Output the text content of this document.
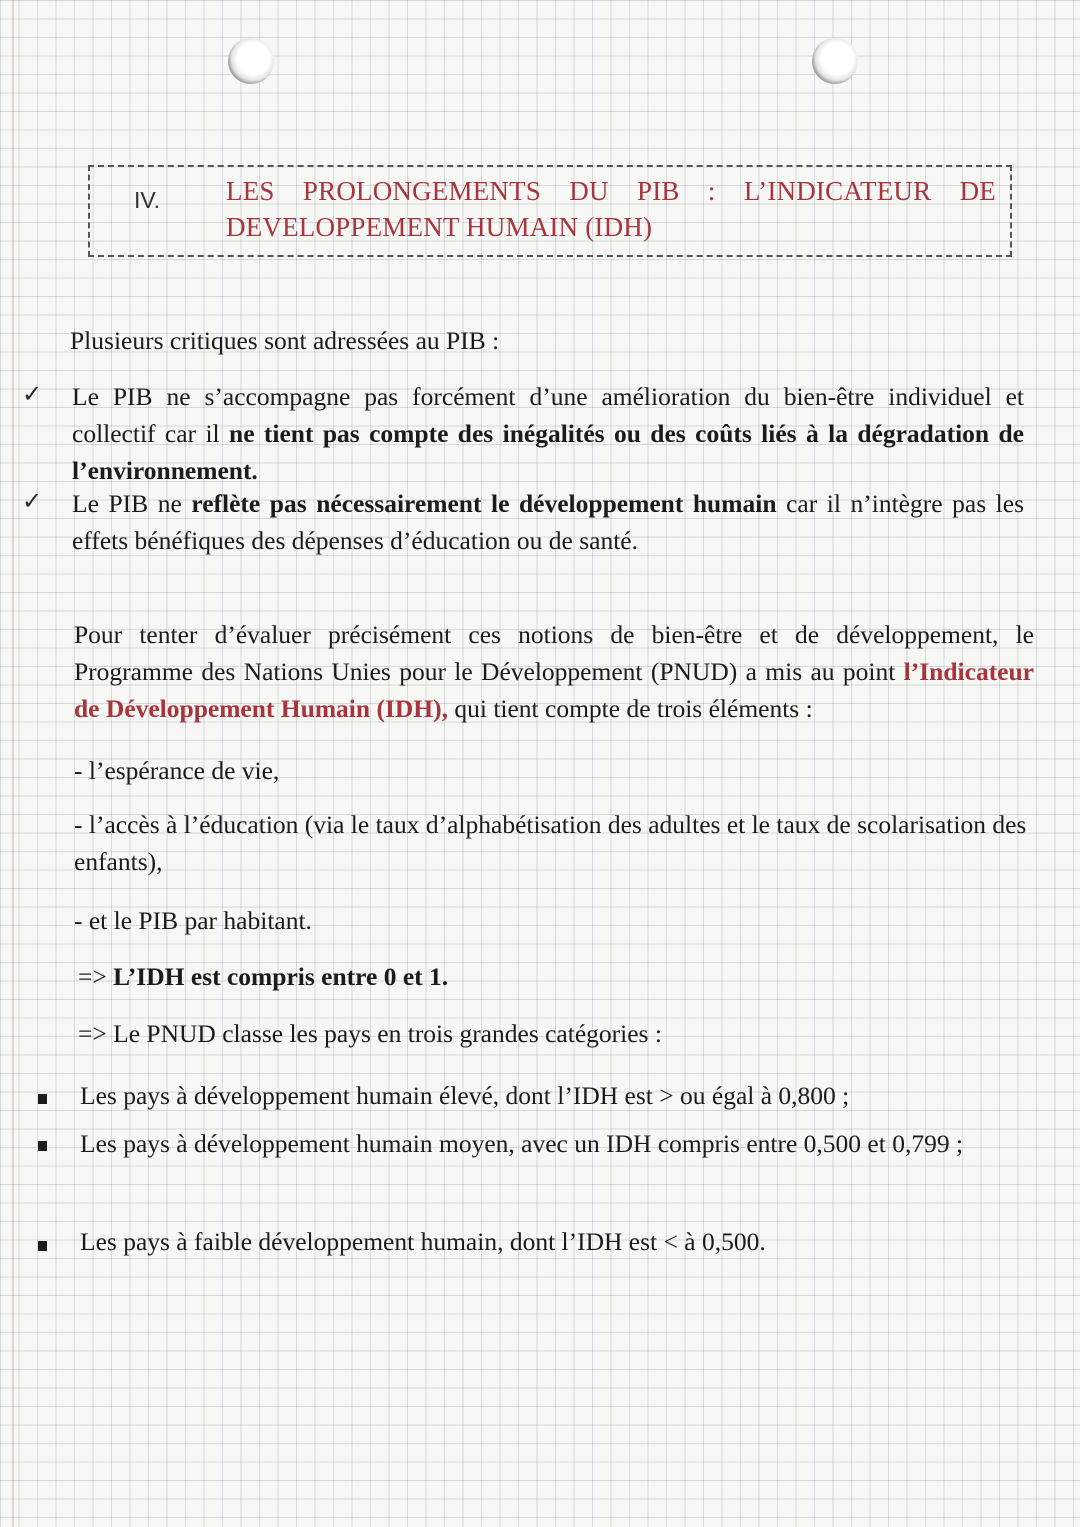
IV. LES PROLONGEMENTS DU PIB : L’INDICATEUR DE DEVELOPPEMENT HUMAIN (IDH)
Plusieurs critiques sont adressées au PIB :
✓ Le PIB ne s’accompagne pas forcément d’une amélioration du bien-être individuel et collectif car il ne tient pas compte des inégalités ou des coûts liés à la dégradation de l’environnement.
✓ Le PIB ne reflète pas nécessairement le développement humain car il n’intègre pas les effets bénéfiques des dépenses d’éducation ou de santé.
Pour tenter d’évaluer précisément ces notions de bien-être et de développement, le Programme des Nations Unies pour le Développement (PNUD) a mis au point l’Indicateur de Développement Humain (IDH), qui tient compte de trois éléments :
- l’espérance de vie,
- l’accès à l’éducation (via le taux d’alphabétisation des adultes et le taux de scolarisation des enfants),
- et le PIB par habitant.
=> L’IDH est compris entre 0 et 1.
=> Le PNUD classe les pays en trois grandes catégories :
Les pays à développement humain élevé, dont l’IDH est > ou égal à 0,800 ;
Les pays à développement humain moyen, avec un IDH compris entre 0,500 et 0,799 ;
Les pays à faible développement humain, dont l’IDH est < à 0,500.
